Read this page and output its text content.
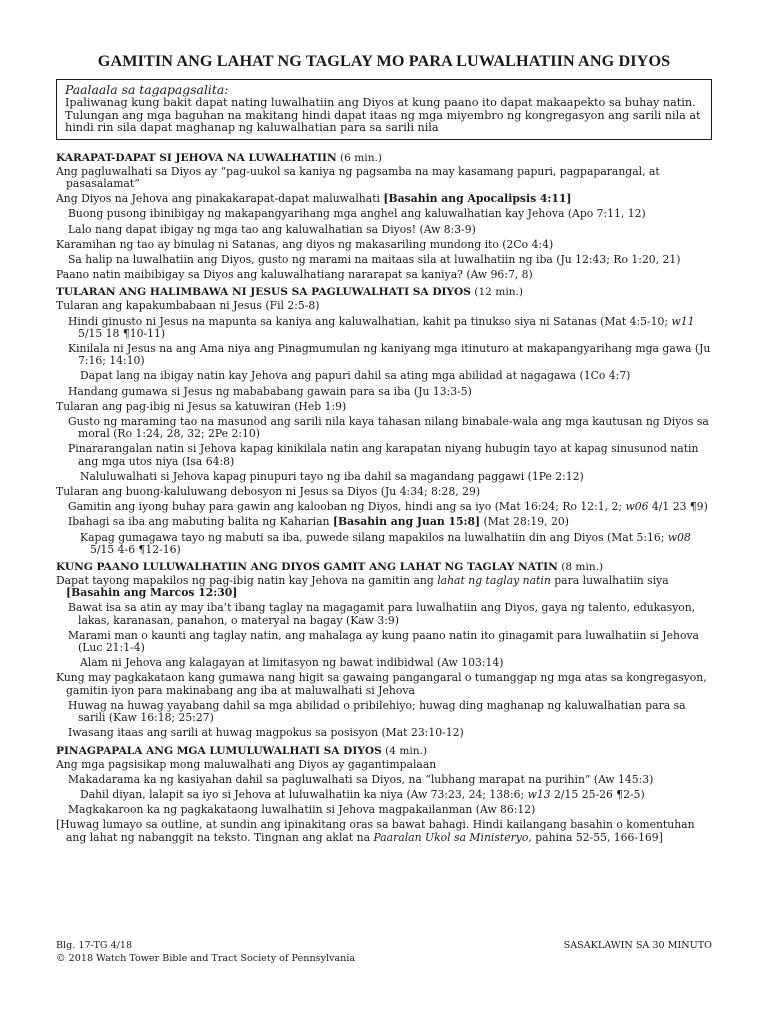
GAMITIN ANG LAHAT NG TAGLAY MO PARA LUWALHATIIN ANG DIYOS
Paalaala sa tagapagsalita:
Ipaliwanag kung bakit dapat nating luwalhatiin ang Diyos at kung paano ito dapat makaapekto sa buhay natin. Tulungan ang mga baguhan na makitang hindi dapat itaas ng mga miyembro ng kongregasyon ang sarili nila at hindi rin sila dapat maghanap ng kaluwalhatian para sa sarili nila
KARAPAT-DAPAT SI JEHOVA NA LUWALHATIIN (6 min.)
Ang pagluwalhati sa Diyos ay “pag-uukol sa kaniya ng pagsamba na may kasamang papuri, pagpaparangal, at pasasalamat”
Ang Diyos na Jehova ang pinakakarapat-dapat maluwalhati [Basahin ang Apocalipsis 4:11]
Buong pusong ibinibigay ng makapangyarihang mga anghel ang kaluwalhatian kay Jehova (Apo 7:11, 12)
Lalo nang dapat ibigay ng mga tao ang kaluwalhatian sa Diyos! (Aw 8:3-9)
Karamihan ng tao ay binulag ni Satanas, ang diyos ng makasariling mundong ito (2Co 4:4)
Sa halip na luwalhatiin ang Diyos, gusto ng marami na maitaas sila at luwalhatiin ng iba (Ju 12:43; Ro 1:20, 21)
Paano natin maibibigay sa Diyos ang kaluwalhatiang nararapat sa kaniya? (Aw 96:7, 8)
TULARAN ANG HALIMBAWA NI JESUS SA PAGLUWALHATI SA DIYOS (12 min.)
Tularan ang kapakumbabaan ni Jesus (Fil 2:5-8)
Hindi ginusto ni Jesus na mapunta sa kaniya ang kaluwalhatian, kahit pa tinukso siya ni Satanas (Mat 4:5-10; w11 5/15 18 ¶10-11)
Kinilala ni Jesus na ang Ama niya ang Pinagmumulan ng kaniyang mga itinuturo at makapangyarihang mga gawa (Ju 7:16; 14:10)
Dapat lang na ibigay natin kay Jehova ang papuri dahil sa ating mga abilidad at nagagawa (1Co 4:7)
Handang gumawa si Jesus ng mabababang gawain para sa iba (Ju 13:3-5)
Tularan ang pag-ibig ni Jesus sa katuwiran (Heb 1:9)
Gusto ng maraming tao na masunod ang sarili nila kaya tahasan nilang binabale-wala ang mga kautusan ng Diyos sa moral (Ro 1:24, 28, 32; 2Pe 2:10)
Pinararangalan natin si Jehova kapag kinikilala natin ang karapatan niyang hubugin tayo at kapag sinusunod natin ang mga utos niya (Isa 64:8)
Naluluwalhati si Jehova kapag pinupuri tayo ng iba dahil sa magandang paggawi (1Pe 2:12)
Tularan ang buong-kaluluwang debosyon ni Jesus sa Diyos (Ju 4:34; 8:28, 29)
Gamitin ang iyong buhay para gawin ang kalooban ng Diyos, hindi ang sa iyo (Mat 16:24; Ro 12:1, 2; w06 4/1 23 ¶9)
Ibahagi sa iba ang mabuting balita ng Kaharian [Basahin ang Juan 15:8] (Mat 28:19, 20)
Kapag gumagawa tayo ng mabuti sa iba, puwede silang mapakilos na luwalhatiin din ang Diyos (Mat 5:16; w08 5/15 4-6 ¶12-16)
KUNG PAANO LULUWALHATIIN ANG DIYOS GAMIT ANG LAHAT NG TAGLAY NATIN (8 min.)
Dapat tayong mapakilos ng pag-ibig natin kay Jehova na gamitin ang lahat ng taglay natin para luwalhatiin siya [Basahin ang Marcos 12:30]
Bawat isa sa atin ay may iba’t ibang taglay na magagamit para luwalhatiin ang Diyos, gaya ng talento, edukasyon, lakas, karanasan, panahon, o materyal na bagay (Kaw 3:9)
Marami man o kaunti ang taglay natin, ang mahalaga ay kung paano natin ito ginagamit para luwalhatiin si Jehova (Luc 21:1-4)
Alam ni Jehova ang kalagayan at limitasyon ng bawat indibidwal (Aw 103:14)
Kung may pagkakataon kang gumawa nang higit sa gawaing pangangaral o tumanggap ng mga atas sa kongregasyon, gamitin iyon para makinabang ang iba at maluwalhati si Jehova
Huwag na huwag yayabang dahil sa mga abilidad o pribilehiyo; huwag ding maghanap ng kaluwalhatian para sa sarili (Kaw 16:18; 25:27)
Iwasang itaas ang sarili at huwag magpokus sa posisyon (Mat 23:10-12)
PINAGPAPALA ANG MGA LUMULUWALHATI SA DIYOS (4 min.)
Ang mga pagsisikap mong maluwalhati ang Diyos ay gagantimpalaan
Makadarama ka ng kasiyahan dahil sa pagluwalhati sa Diyos, na “lubhang marapat na purihin” (Aw 145:3)
Dahil diyan, lalapit sa iyo si Jehova at luluwalhatiin ka niya (Aw 73:23, 24; 138:6; w13 2/15 25-26 ¶2-5)
Magkakaroon ka ng pagkakataong luwalhatiin si Jehova magpakailanman (Aw 86:12)
[Huwag lumayo sa outline, at sundin ang ipinakitang oras sa bawat bahagi. Hindi kailangang basahin o komentuhan ang lahat ng nabanggit na teksto. Tingnan ang aklat na Paaralan Ukol sa Ministeryo, pahina 52-55, 166-169]
Blg. 17-TG 4/18
© 2018 Watch Tower Bible and Tract Society of Pennsylvania
SASAKLAWIN SA 30 MINUTO
